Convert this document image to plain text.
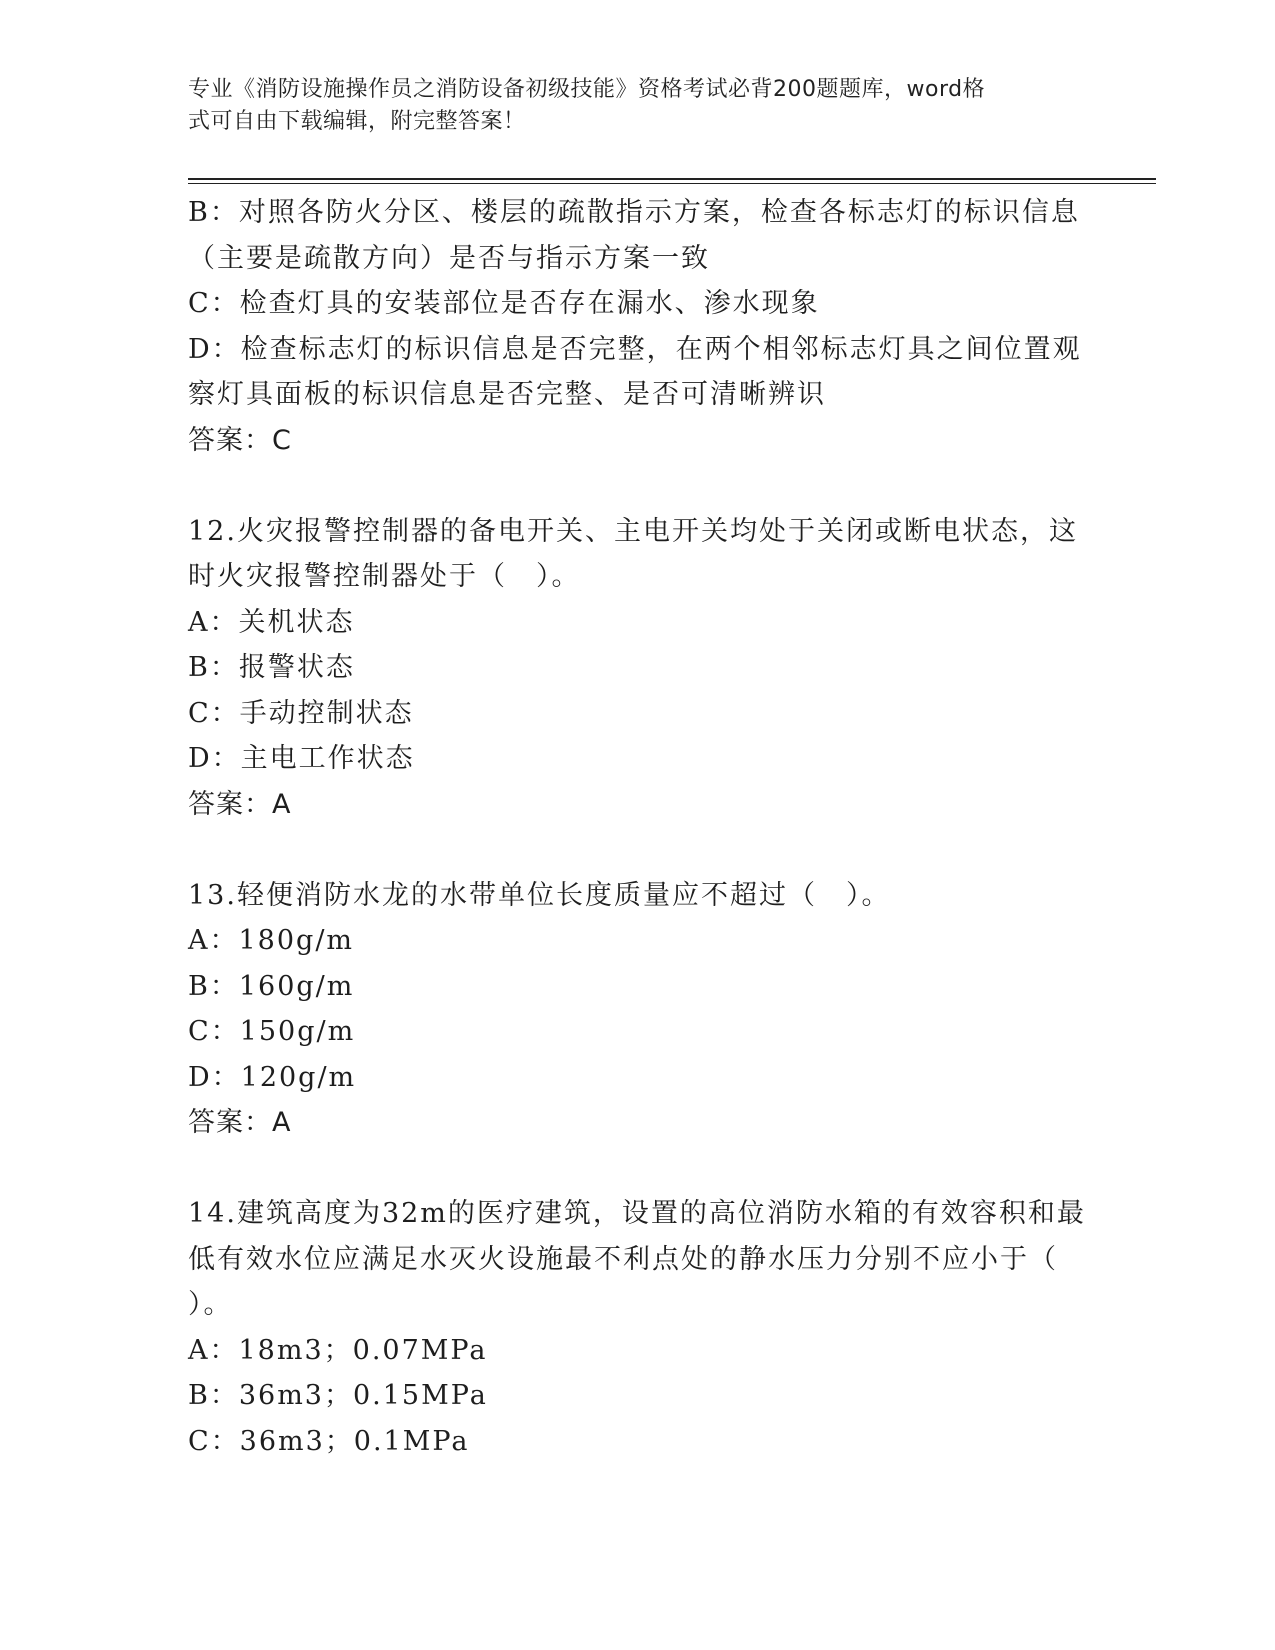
专业《消防设施操作员之消防设备初级技能》资格考试必背200题题库，word格
式可自由下载编辑，附完整答案！
B：对照各防火分区、楼层的疏散指示方案，检查各标志灯的标识信息
（主要是疏散方向）是否与指示方案一致
C：检查灯具的安装部位是否存在漏水、渗水现象
D：检查标志灯的标识信息是否完整，在两个相邻标志灯具之间位置观
察灯具面板的标识信息是否完整、是否可清晰辨识
答案：C
12.火灾报警控制器的备电开关、主电开关均处于关闭或断电状态，这
时火灾报警控制器处于（　）。
A：关机状态
B：报警状态
C：手动控制状态
D：主电工作状态
答案：A
13.轻便消防水龙的水带单位长度质量应不超过（　）。
A：180g/m
B：160g/m
C：150g/m
D：120g/m
答案：A
14.建筑高度为32m的医疗建筑，设置的高位消防水箱的有效容积和最
低有效水位应满足水灭火设施最不利点处的静水压力分别不应小于（
）。
A：18m3；0.07MPa
B：36m3；0.15MPa
C：36m3；0.1MPa
